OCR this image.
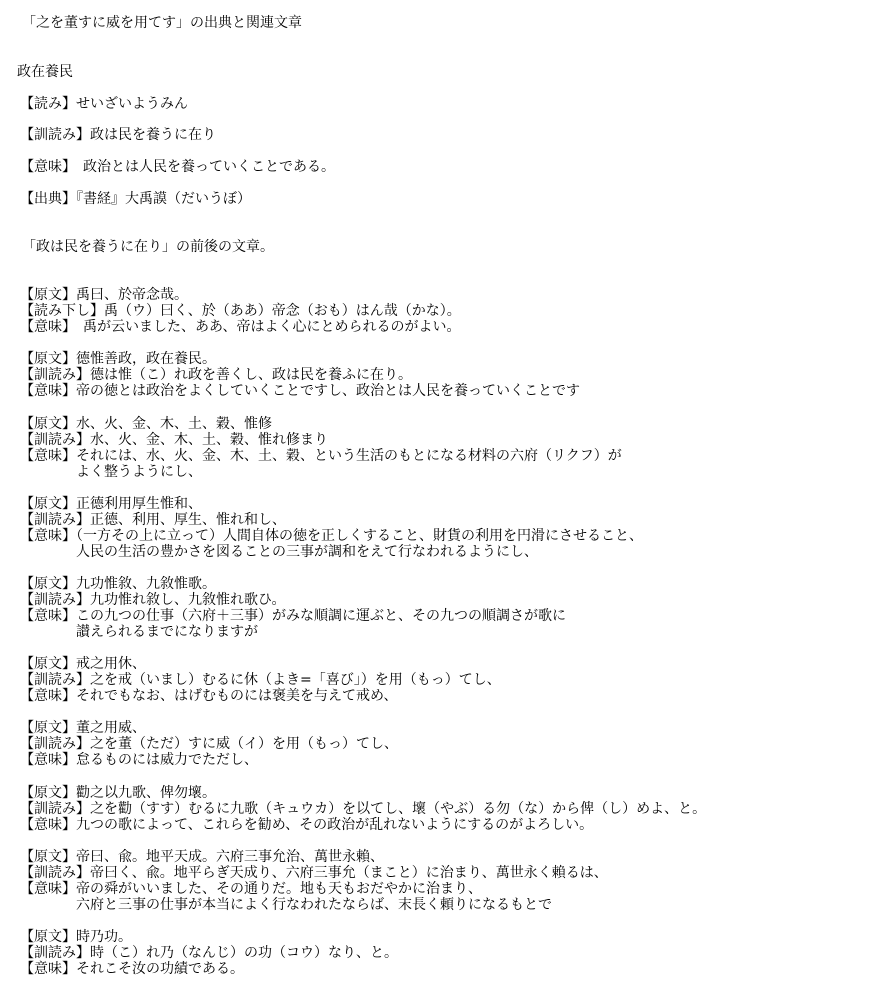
「之を董すに威を用てす」の出典と関連文章
政在養民
【読み】せいざいようみん
【訓読み】政は民を養うに在り
【意味】　政治とは人民を養っていくことである。
【出典】『書経』大禹謨（だいうぼ）
「政は民を養うに在り」の前後の文章。
【原文】禹曰、於帝念哉。
【読み下し】禹（ウ）曰く、於（ああ）帝念（おも）はん哉（かな）。
【意味】　禹が云いました、ああ、帝はよく心にとめられるのがよい。
【原文】德惟善政，政在養民。
【訓読み】德は惟（こ）れ政を善くし、政は民を養ふに在り。
【意味】帝の徳とは政治をよくしていくことですし、政治とは人民を養っていくことです
【原文】水、火、金、木、土、穀、惟修
【訓読み】水、火、金、木、土、穀、惟れ修まり
【意味】それには、水、火、金、木、土、穀、という生活のもとになる材料の六府（リクフ）が
　　　　よく整うようにし、
【原文】正德利用厚生惟和、
【訓読み】正德、利用、厚生、惟れ和し、
【意味】（一方その上に立って）人間自体の徳を正しくすること、財貨の利用を円滑にさせること、
　　　　人民の生活の豊かさを図ることの三事が調和をえて行なわれるようにし、
【原文】九功惟敘、九敘惟歌。
【訓読み】九功惟れ敘し、九敘惟れ歌ひ。
【意味】この九つの仕事（六府＋三事）がみな順調に運ぶと、その九つの順調さが歌に
　　　　讃えられるまでになりますが
【原文】戒之用休、
【訓読み】之を戒（いまし）むるに休（よき=「喜び」）を用（もっ）てし、
【意味】それでもなお、はげむものには褒美を与えて戒め、
【原文】董之用威、
【訓読み】之を董（ただ）すに威（イ）を用（もっ）てし、
【意味】怠るものには威力でただし、
【原文】勸之以九歌、俾勿壞。
【訓読み】之を勸（すす）むるに九歌（キュウカ）を以てし、壞（やぶ）る勿（な）から俾（し）めよ、と。
【意味】九つの歌によって、これらを勧め、その政治が乱れないようにするのがよろしい。
【原文】帝曰、兪。地平天成。六府三事允治、萬世永賴、
【訓読み】帝曰く、兪。地平らぎ天成り、六府三事允（まこと）に治まり、萬世永く賴るは、
【意味】帝の舜がいいました、その通りだ。地も天もおだやかに治まり、
　　　　六府と三事の仕事が本当によく行なわれたならば、末長く頼りになるもとで
【原文】時乃功。
【訓読み】時（こ）れ乃（なんじ）の功（コウ）なり、と。
【意味】それこそ汝の功績である。
